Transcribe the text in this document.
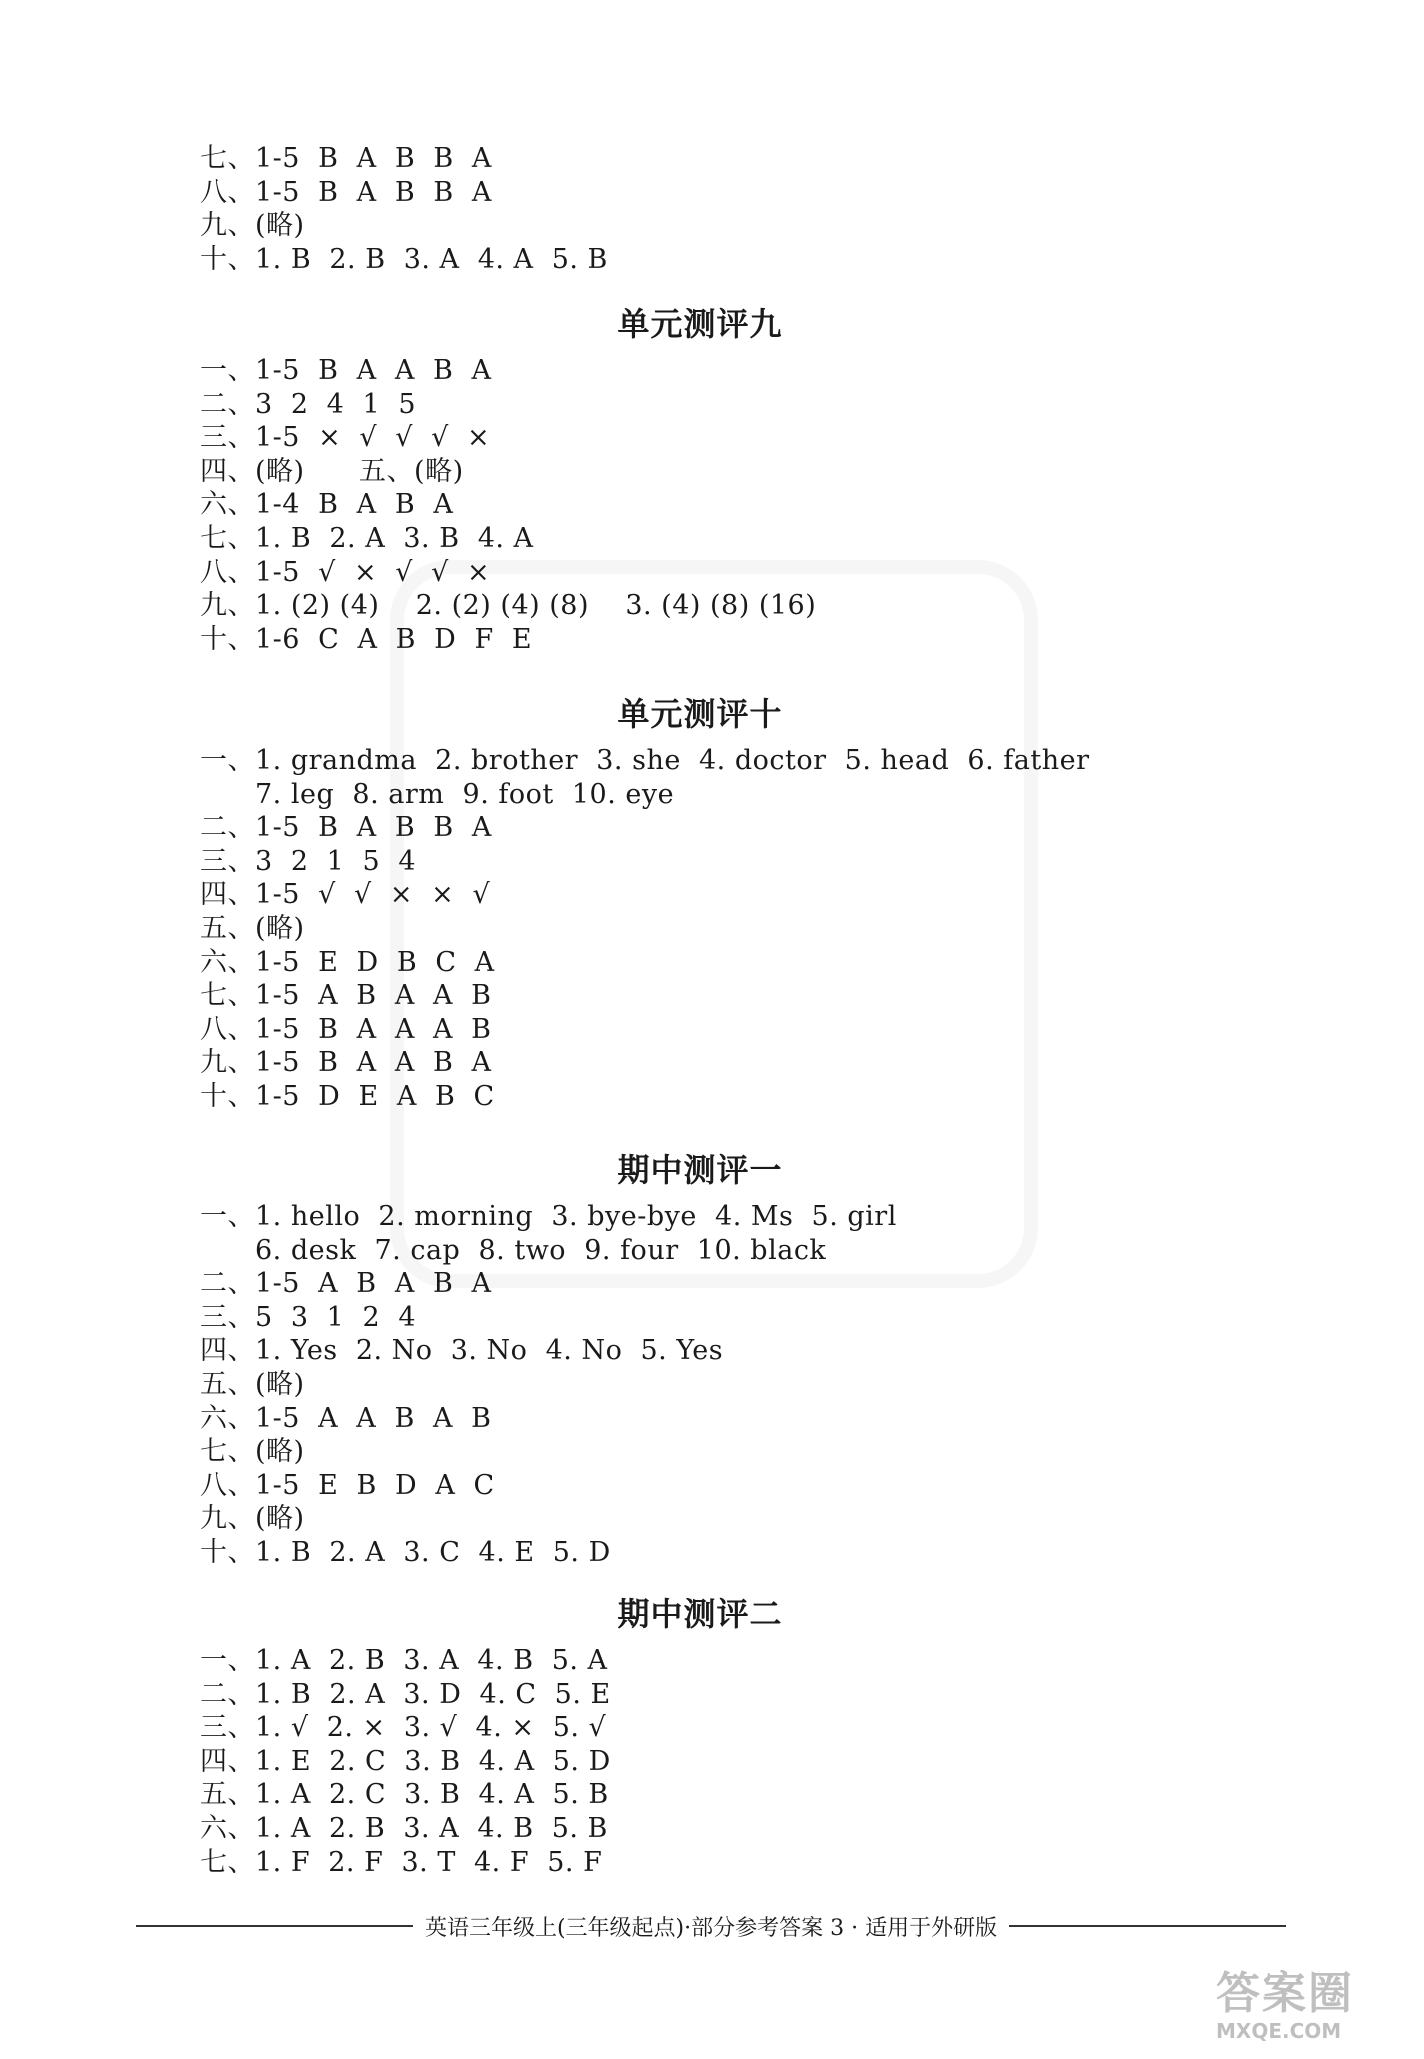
七、1-5  B  A  B  B  A
八、1-5  B  A  B  B  A
九、(略)
十、1. B  2. B  3. A  4. A  5. B
单元测评九
一、1-5  B  A  A  B  A
二、3  2  4  1  5
三、1-5  ×  √  √  √  ×
四、(略)      五、(略)
六、1-4  B  A  B  A
七、1. B  2. A  3. B  4. A
八、1-5  √  ×  √  √  ×
九、1. (2) (4)    2. (2) (4) (8)    3. (4) (8) (16)
十、1-6  C  A  B  D  F  E
单元测评十
一、1. grandma  2. brother  3. she  4. doctor  5. head  6. father
7. leg  8. arm  9. foot  10. eye
二、1-5  B  A  B  B  A
三、3  2  1  5  4
四、1-5  √  √  ×  ×  √
五、(略)
六、1-5  E  D  B  C  A
七、1-5  A  B  A  A  B
八、1-5  B  A  A  A  B
九、1-5  B  A  A  B  A
十、1-5  D  E  A  B  C
期中测评一
一、1. hello  2. morning  3. bye-bye  4. Ms  5. girl
6. desk  7. cap  8. two  9. four  10. black
二、1-5  A  B  A  B  A
三、5  3  1  2  4
四、1. Yes  2. No  3. No  4. No  5. Yes
五、(略)
六、1-5  A  A  B  A  B
七、(略)
八、1-5  E  B  D  A  C
九、(略)
十、1. B  2. A  3. C  4. E  5. D
期中测评二
一、1. A  2. B  3. A  4. B  5. A
二、1. B  2. A  3. D  4. C  5. E
三、1. √  2. ×  3. √  4. ×  5. √
四、1. E  2. C  3. B  4. A  5. D
五、1. A  2. C  3. B  4. A  5. B
六、1. A  2. B  3. A  4. B  5. B
七、1. F  2. F  3. T  4. F  5. F
英语三年级上(三年级起点)·部分参考答案 3 · 适用于外研版
答案圈
MXQE.COM
